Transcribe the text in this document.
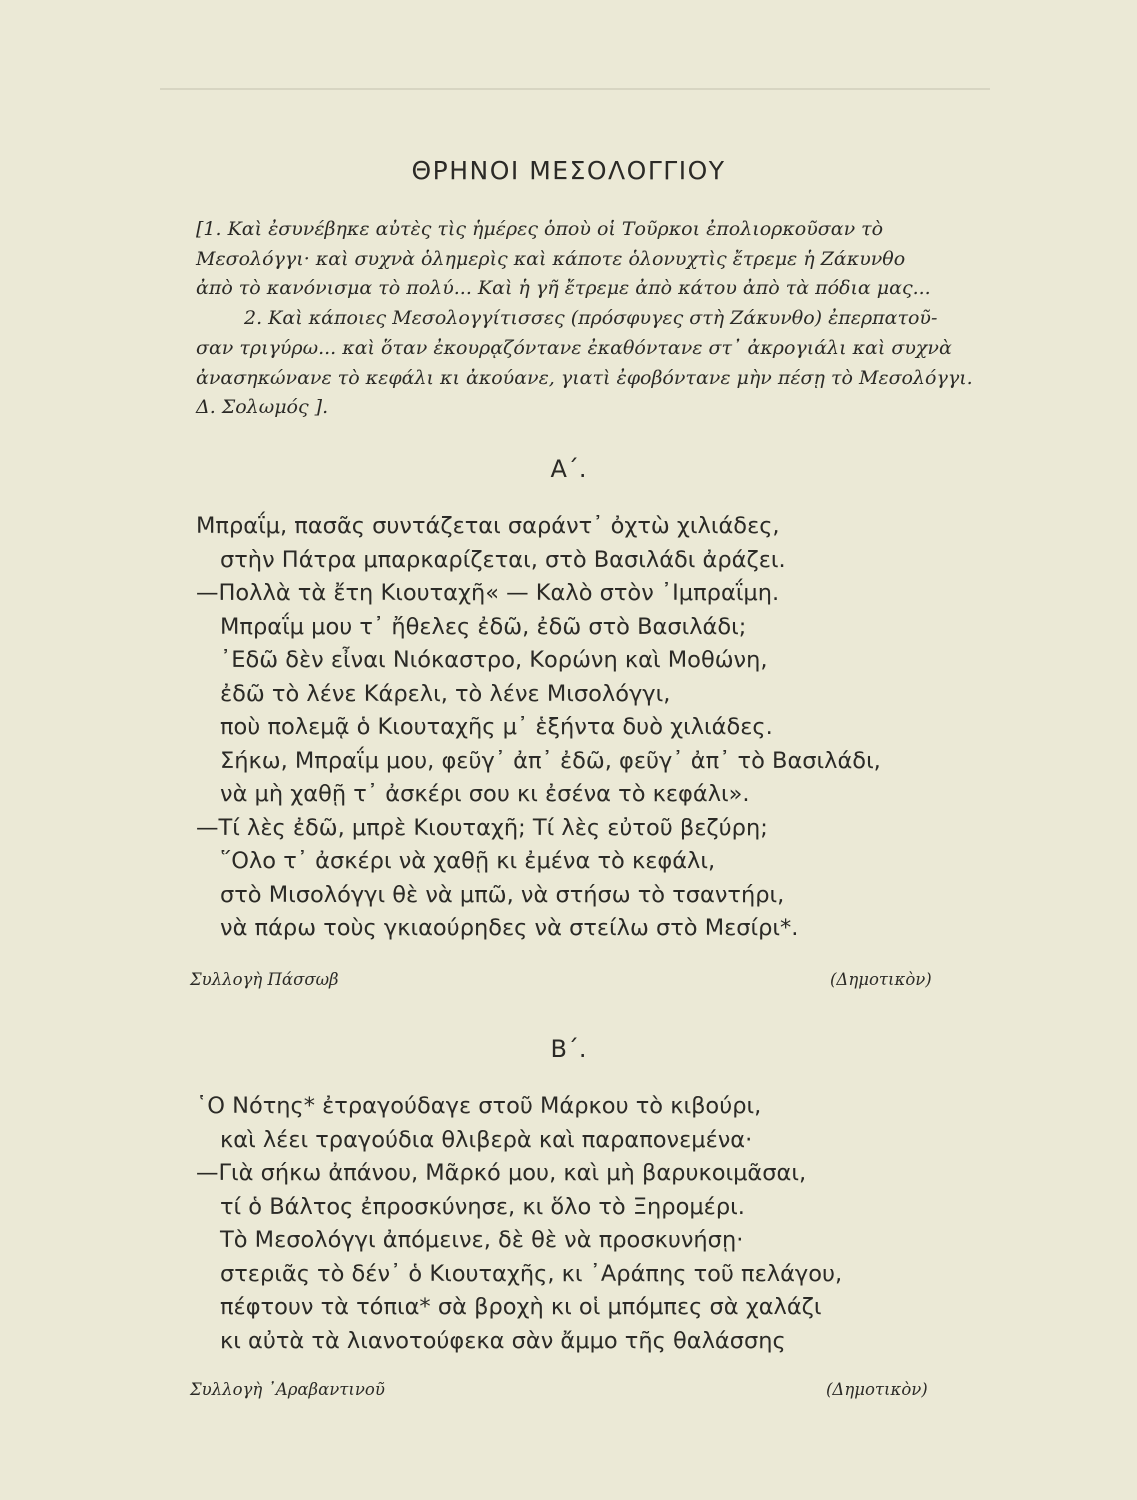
ΘΡΗΝΟΙ ΜΕΣΟΛΟΓΓΙΟΥ

[1. Καὶ ἐσυνέβηκε αὐτὲς τὶς ἡμέρες ὁποὺ οἱ Τοῦρκοι ἐπολιορκοῦσαν τὸ

Μεσολόγγι· καὶ συχνὰ ὁλημερὶς καὶ κάποτε ὁλονυχτὶς ἔτρεμε ἡ Ζάκυνθο

ἀπὸ τὸ κανόνισμα τὸ πολύ... Καὶ ἡ γῆ ἔτρεμε ἀπὸ κάτου ἀπὸ τὰ πόδια μας...

2. Καὶ κάποιες Μεσολογγίτισσες (πρόσφυγες στὴ Ζάκυνθο) ἐπερπατοῦ-

σαν τριγύρω... καὶ ὅταν ἐκουρᾳζόντανε ἐκαθόντανε στ᾽ ἀκρογιάλι καὶ συχνὰ

ἀνασηκώνανε τὸ κεφάλι κι ἀκούανε, γιατὶ ἐφοβόντανε μὴν πέσῃ τὸ Μεσολόγγι.

Δ. Σολωμός ].

Α΄.
Μπραΐμ, πασᾶς συντάζεται σαράντ᾽ ὀχτὼ χιλιάδες,
στὴν Πάτρα μπαρκαρίζεται, στὸ Βασιλάδι ἀράζει.
—Πολλὰ τὰ ἔτη Κιουταχῆ« — Καλὸ στὸν ᾽Ιμπραΐμη.
Μπραΐμ μου τ᾽ ἤθελες ἐδῶ, ἐδῶ στὸ Βασιλάδι;
᾽Εδῶ δὲν εἶναι Νιόκαστρο, Κορώνη καὶ Μοθώνη,
ἐδῶ τὸ λένε Κάρελι, τὸ λένε Μισολόγγι,
ποὺ πολεμᾷ ὁ Κιουταχῆς μ᾽ ἑξήντα δυὸ χιλιάδες.
Σήκω, Μπραΐμ μου, φεῦγ᾽ ἀπ᾽ ἐδῶ, φεῦγ᾽ ἀπ᾽ τὸ Βασιλάδι,
νὰ μὴ χαθῇ τ᾽ ἀσκέρι σου κι ἐσένα τὸ κεφάλι».
—Τί λὲς ἐδῶ, μπρὲ Κιουταχῆ; Τί λὲς εὐτοῦ βεζύρη;
῞Ολο τ᾽ ἀσκέρι νὰ χαθῇ κι ἐμένα τὸ κεφάλι,
στὸ Μισολόγγι θὲ νὰ μπῶ, νὰ στήσω τὸ τσαντήρι,
νὰ πάρω τοὺς γκιαούρηδες νὰ στείλω στὸ Μεσίρι*.
Συλλογὴ Πάσσωβ	(Δημοτικὸν)
Β΄.
῾Ο Νότης* ἐτραγούδαγε στοῦ Μάρκου τὸ κιβούρι,
καὶ λέει τραγούδια θλιβερὰ καὶ παραπονεμένα·
—Γιὰ σήκω ἀπάνου, Μᾶρκό μου, καὶ μὴ βαρυκοιμᾶσαι,
τί ὁ Βάλτος ἐπροσκύνησε, κι ὅλο τὸ Ξηρομέρι.
Τὸ Μεσολόγγι ἀπόμεινε, δὲ θὲ νὰ προσκυνήσῃ·
στεριᾶς τὸ δέν᾽ ὁ Κιουταχῆς, κι ᾽Αράπης τοῦ πελάγου,
πέφτουν τὰ τόπια* σὰ βροχὴ κι οἱ μπόμπες σὰ χαλάζι
κι αὐτὰ τὰ λιανοτούφεκα σὰν ἄμμο τῆς θαλάσσης
Συλλογὴ ᾽Αραβαντινοῦ	(Δημοτικὸν)
